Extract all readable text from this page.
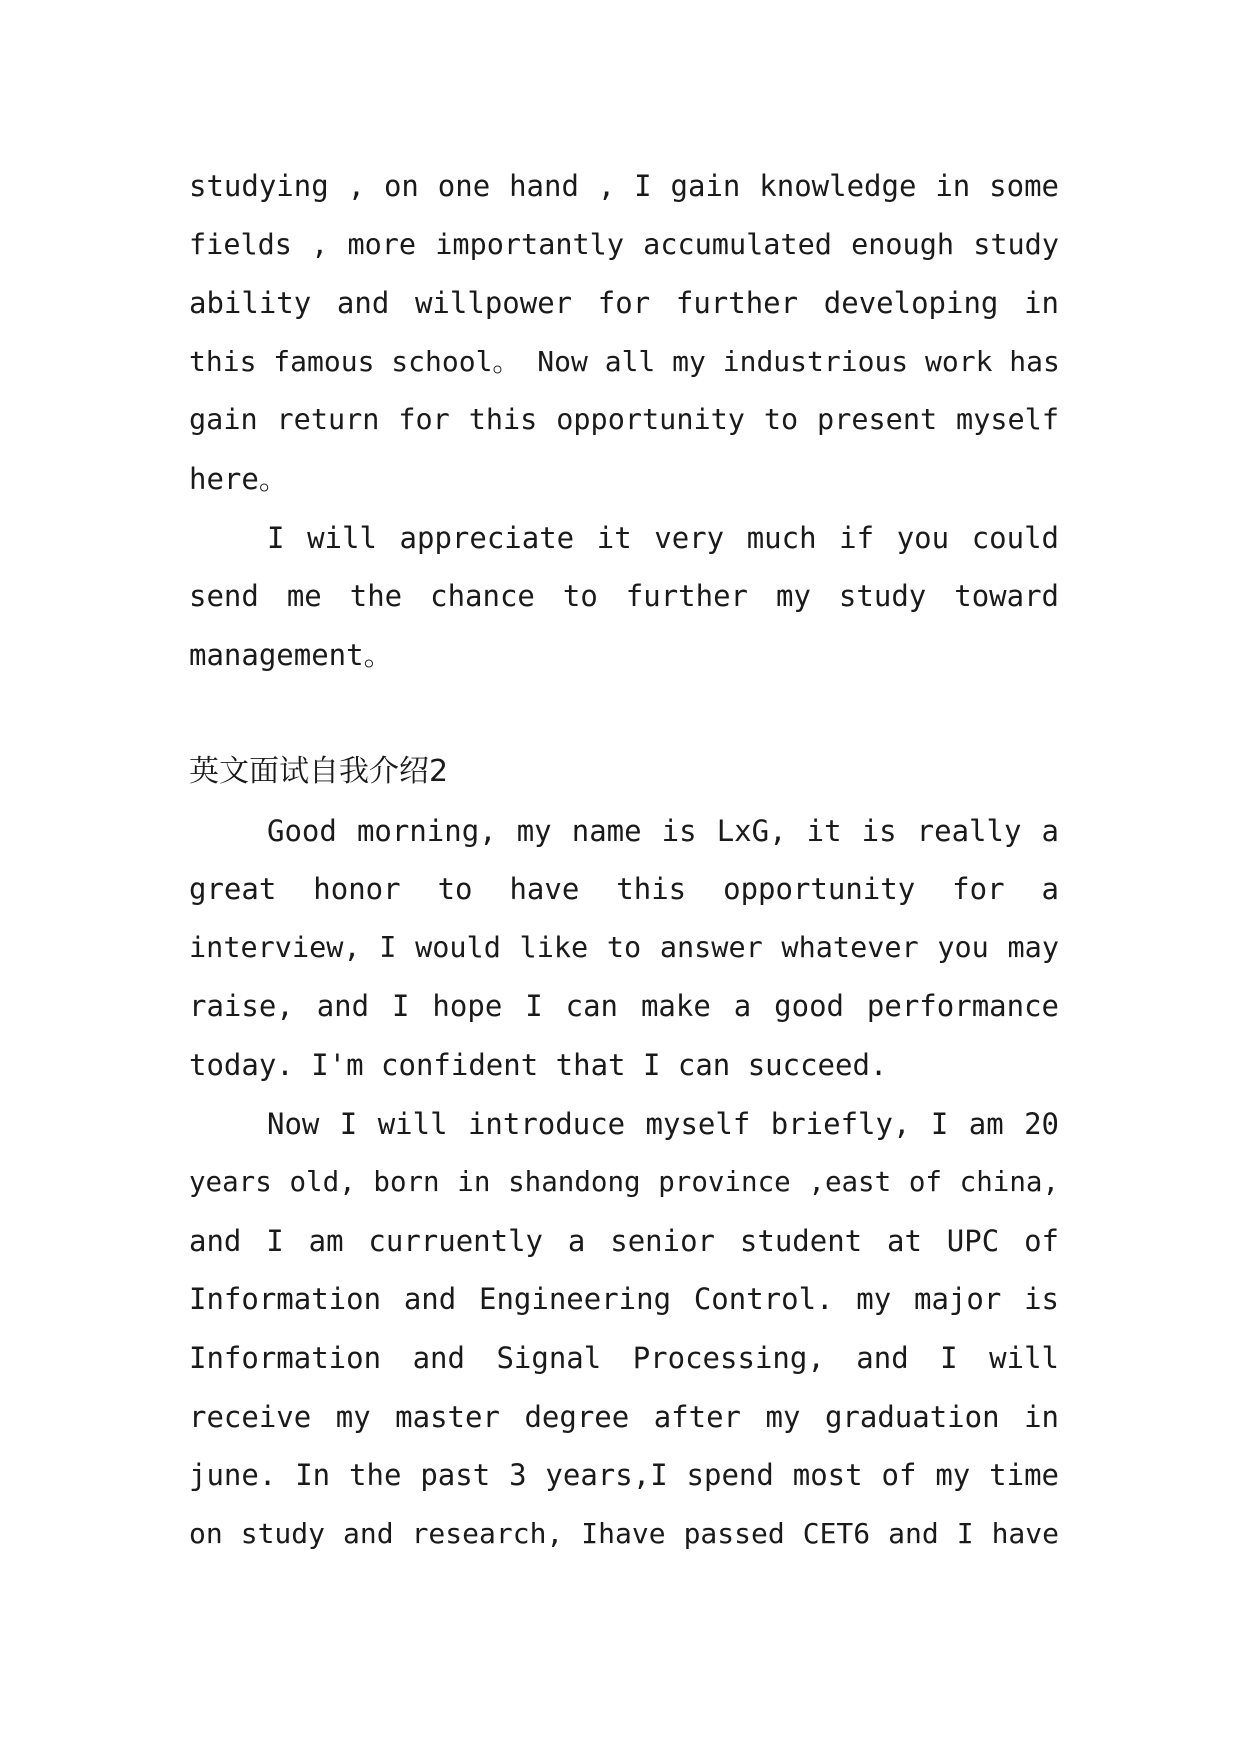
studying , on one hand , I gain knowledge in some
fields , more importantly accumulated enough study
ability and willpower for further developing in
this famous school。 Now all my industrious work has
gain return for this opportunity to present myself
here。
I will appreciate it very much if you could
send me the chance to further my study toward
management。
英文面试自我介绍2
Good morning, my name is LxG, it is really a
great honor to have this opportunity for a
interview, I would like to answer whatever you may
raise, and I hope I can make a good performance
today. I'm confident that I can succeed.
Now I will introduce myself briefly, I am 20
years old, born in shandong province ,east of china,
and I am curruently a senior student at UPC of
Information and Engineering Control. my major is
Information and Signal Processing, and I will
receive my master degree after my graduation in
june. In the past 3 years,I spend most of my time
on study and research, Ihave passed CET6 and I have
